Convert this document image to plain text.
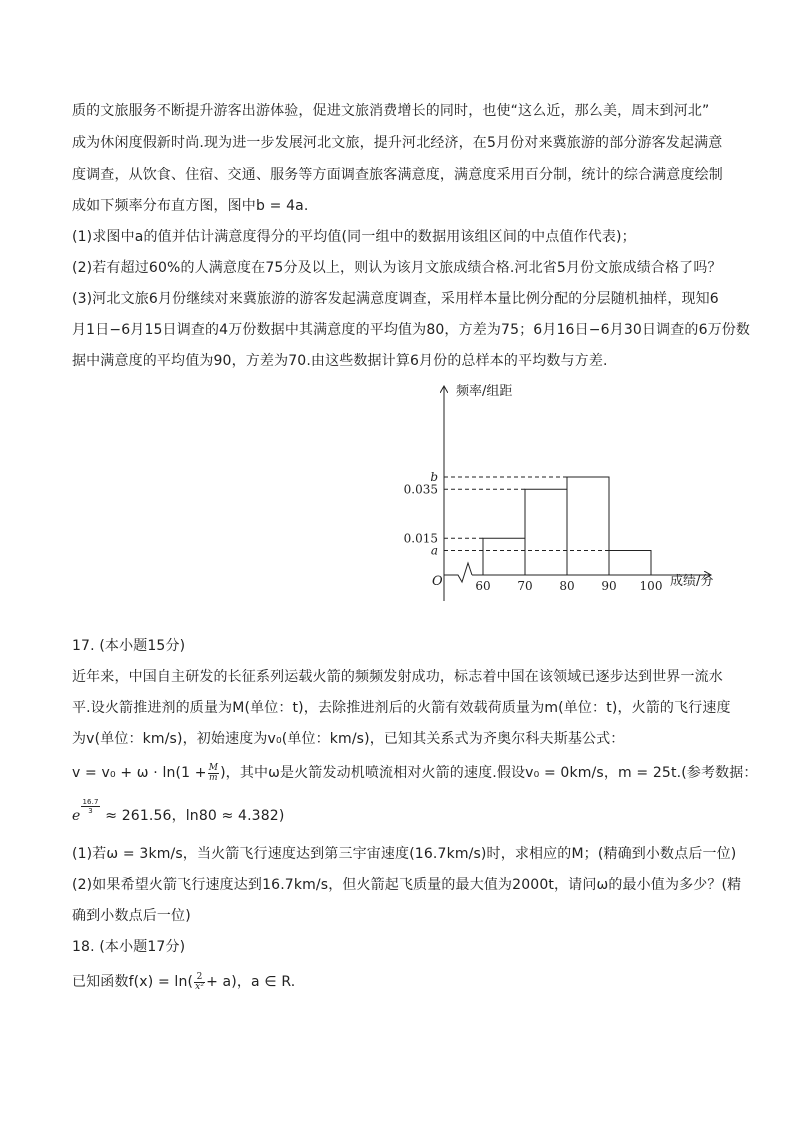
质的文旅服务不断提升游客出游体验，促进文旅消费增长的同时，也使“这么近，那么美，周末到河北”
成为休闲度假新时尚.现为进一步发展河北文旅，提升河北经济，在5月份对来冀旅游的部分游客发起满意
度调查，从饮食、住宿、交通、服务等方面调查旅客满意度，满意度采用百分制，统计的综合满意度绘制
成如下频率分布直方图，图中b = 4a.
(1)求图中a的值并估计满意度得分的平均值(同一组中的数据用该组区间的中点值作代表)；
(2)若有超过60%的人满意度在75分及以上，则认为该月文旅成绩合格.河北省5月份文旅成绩合格了吗？
(3)河北文旅6月份继续对来冀旅游的游客发起满意度调查，采用样本量比例分配的分层随机抽样，现知6
月1日−6月15日调查的4万份数据中其满意度的平均值为80，方差为75；6月16日−6月30日调查的6万份数
据中满意度的平均值为90，方差为70.由这些数据计算6月份的总样本的平均数与方差.
b
0.035
0.015
a
60 70 80 90 100
频率/组距
成绩/分
O
17. (本小题15分)
近年来，中国自主研发的长征系列运载火箭的频频发射成功，标志着中国在该领域已逐步达到世界一流水
平.设火箭推进剂的质量为M(单位：t)，去除推进剂后的火箭有效载荷质量为m(单位：t)，火箭的飞行速度
为v(单位：km/s)，初始速度为v₀(单位：km/s)，已知其关系式为齐奥尔科夫斯基公式：
$v = v_0 + \omega \cdot \ln(1 + \frac{M}{m}$ )，其中ω是火箭发动机喷流相对火箭的速度.假设v₀ = 0km/s，m = 25t.(参考数据：
e
$\frac{16.7}{3}$
≈ 261.56，ln80 ≈ 4.382)
(1)若ω = 3km/s，当火箭飞行速度达到第三宇宙速度(16.7km/s)时，求相应的M；(精确到小数点后一位)
(2)如果希望火箭飞行速度达到16.7km/s，但火箭起飞质量的最大值为2000t，请问ω的最小值为多少？(精
确到小数点后一位)
18. (本小题17分)
已知函数$f(x) = \ln( \frac{2}{\text{x²}} + a)$，a ∈ R.
